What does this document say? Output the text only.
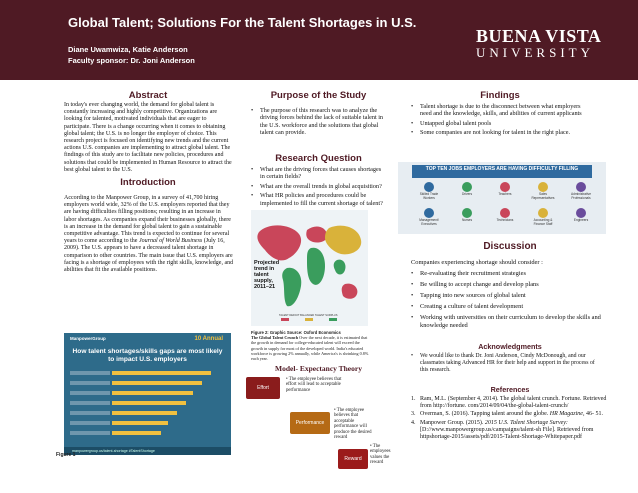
Global Talent; Solutions For the Talent Shortages in U.S.
Diane Uwamwiza, Katie Anderson
Faculty sponsor: Dr. Joni Anderson
BUENA VISTA
UNIVERSITY
Abstract
In today's ever changing world, the demand for global talent is constantly increasing and highly competitive. Organizations are looking for talented, motivated individuals that are eager to participate. There is a change occurring when it comes to obtaining global talent; the U.S. is no longer the employer of choice. This research project is focused on identifying new trends and the current actions U.S. companies are implementing to attract global talent. The findings of this study are to facilitate new policies, procedures and solutions that could be implemented in Human Resource to attract the best global talent to the U.S.
Introduction
According to the Manpower Group, in a survey of 41,700 hiring employers world wide, 32% of the U.S. employers reported that they are having difficulties filling positions; resulting in an increase in labor shortages. As companies expand their businesses globally, there is an increase in the demand for global talent to gain a sustainable competitive advantage. This trend is expected to continue for several years to come according to the Journal of World Business (July 16, 2009). The U.S. appears to have a decreased talent shortage in comparison to other countries. The main issue that U.S. employers are facing is a shortage of employees with the right skills, knowledge, and abilities that fit the available positions.
ManpowerGroup	10 Annual
How talent shortages/skills gaps are most likely to impact U.S. employers
manpowergroup.us/talent-shortage #TalentShortage
Figure 1
Purpose of the Study
• The purpose of this research was to analyze the driving forces behind the lack of suitable talent in the U.S. workforce and the solutions that global talent can provide.
Research Question
• What are the driving forces that causes shortages in certain fields?
• What are the overall trends in global acquisition?
• What HR policies and procedures could be implemented to fill the current shortage of talent?
Projected trend in talent supply, 2011–21
TALENT DEFICIT BALANCED TALENT SURPLUS
Figure 2: Graphic Source: Oxford Economics
The Global Talent Crunch Over the next decade, it is estimated that the growth in demand for college-educated talent will exceed the growth in supply for most of the developed world. India's educated workforce is growing 2% annually, while America's is shrinking 0.8% each year.
Model- Expectancy Theory
Effort
Performance
Reward
• The employee believes that effort will lead to acceptable performance
• The employee believes that acceptable performance will produce the desired reward
• The employees values the reward
Findings
• Talent shortage is due to the disconnect between what employers need and the knowledge, skills, and abilities of current applicants
• Untapped global talent pools
• Some companies are not looking for talent in the right place.
TOP TEN JOBS EMPLOYERS ARE HAVING DIFFICULTY FILLING
Skilled Trade Workers
Drivers	Teachers	Sales Representatives
Administrative Professionals
Management/ Executives
Nurses	Technicians	Accounting & Finance Staff
Engineers
Discussion
Companies experiencing shortage should consider :
• Re-evaluating their recruitment strategies
• Be willing to accept change and develop plans
• Tapping into new sources of global talent
• Creating a culture of talent development
• Working with universities on their curriculum to develop the skills and knowledge needed
Acknowledgments
• We would like to thank Dr. Joni Anderson, Cindy McDonough, and our classmates taking Advanced HR for their help and support in the process of this research.
References
1. Ram, M.L. (September 4, 2014). The global talent crunch. Fortune. Retrieved from http://fortune. com/2014/09/04/the-global-talent-crunch/
3. Overman, S. (2016). Tapping talent around the globe. HR Magazine, 46- 51.
4. Manpower Group. (2015). 2015 U.S. Talent Shortage Survey: [D://www.manpowergroup.us/campaigns/talent-sh File]. Retrieved from httpshortage-2015/assets/pdf/2015-Talent-Shortage-Whitepaper.pdf
